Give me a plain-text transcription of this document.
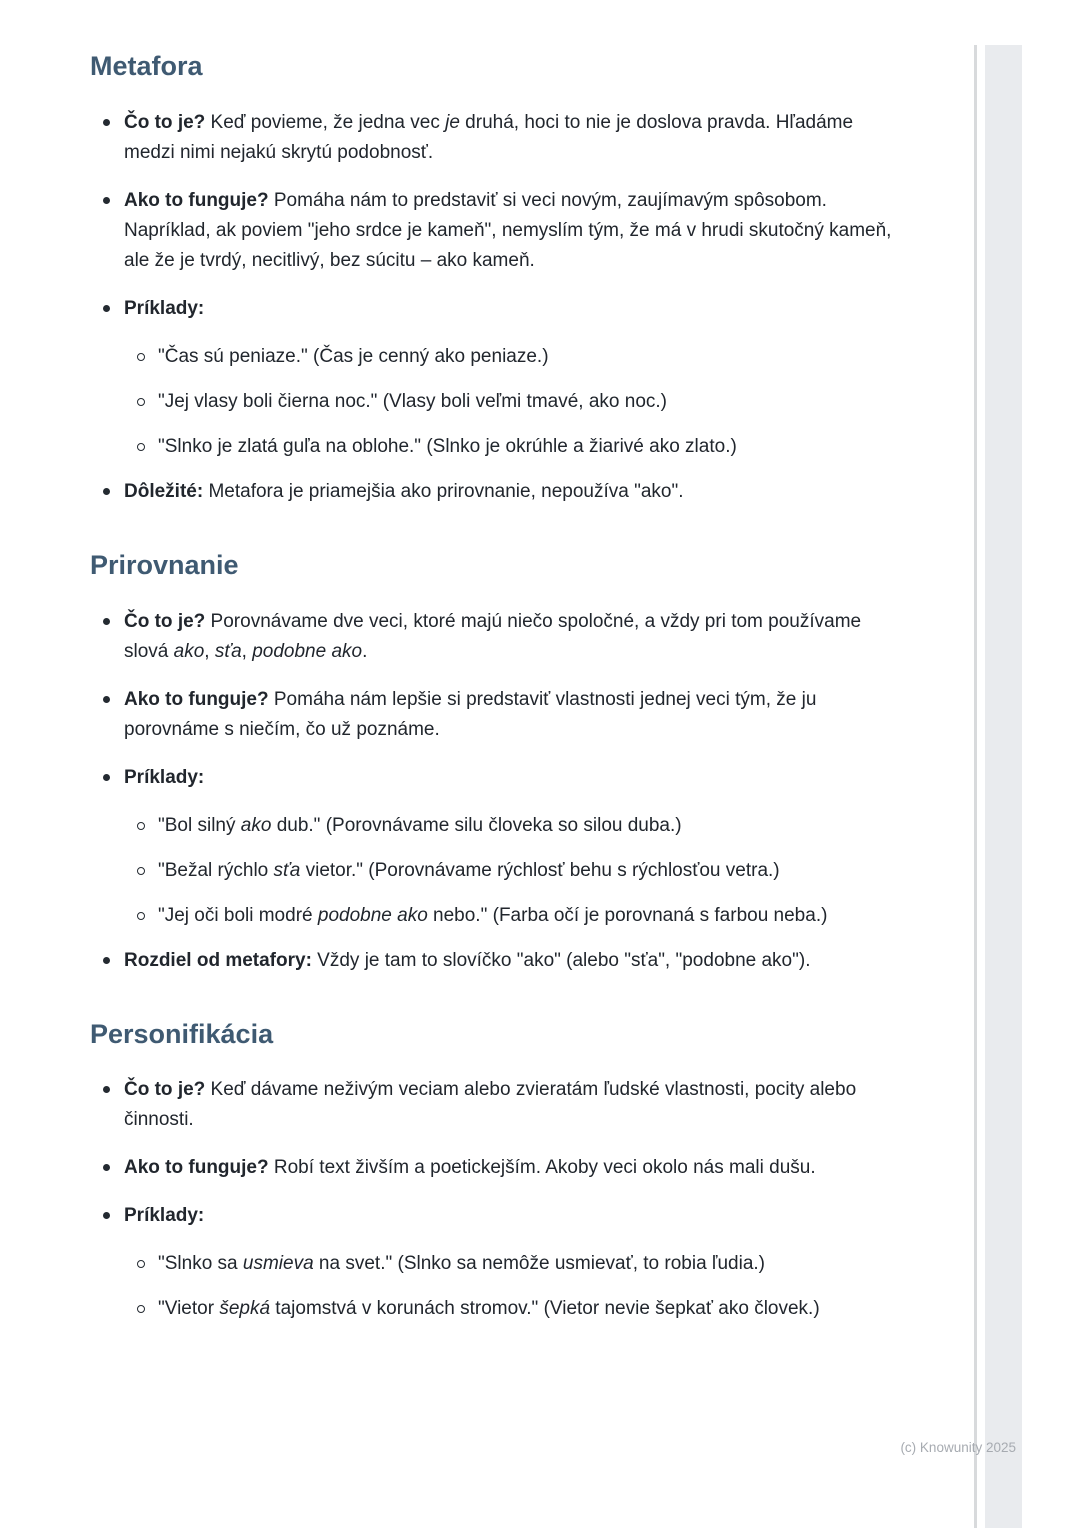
Metafora
Čo to je? Keď povieme, že jedna vec je druhá, hoci to nie je doslova pravda. Hľadáme medzi nimi nejakú skrytú podobnosť.
Ako to funguje? Pomáha nám to predstaviť si veci novým, zaujímavým spôsobom. Napríklad, ak poviem "jeho srdce je kameň", nemyslím tým, že má v hrudi skutočný kameň, ale že je tvrdý, necitlivý, bez súcitu – ako kameň.
Príklady:
"Čas sú peniaze." (Čas je cenný ako peniaze.)
"Jej vlasy boli čierna noc." (Vlasy boli veľmi tmavé, ako noc.)
"Slnko je zlatá guľa na oblohe." (Slnko je okrúhle a žiarivé ako zlato.)
Dôležité: Metafora je priamejšia ako prirovnanie, nepoužíva "ako".
Prirovnanie
Čo to je? Porovnávame dve veci, ktoré majú niečo spoločné, a vždy pri tom používame slová ako, sťa, podobne ako.
Ako to funguje? Pomáha nám lepšie si predstaviť vlastnosti jednej veci tým, že ju porovnáme s niečím, čo už poznáme.
Príklady:
"Bol silný ako dub." (Porovnávame silu človeka so silou duba.)
"Bežal rýchlo sťa vietor." (Porovnávame rýchlosť behu s rýchlosťou vetra.)
"Jej oči boli modré podobne ako nebo." (Farba očí je porovnaná s farbou neba.)
Rozdiel od metafory: Vždy je tam to slovíčko "ako" (alebo "sťa", "podobne ako").
Personifikácia
Čo to je? Keď dávame neživým veciam alebo zvieratám ľudské vlastnosti, pocity alebo činnosti.
Ako to funguje? Robí text živším a poetickejším. Akoby veci okolo nás mali dušu.
Príklady:
"Slnko sa usmieva na svet." (Slnko sa nemôže usmievať, to robia ľudia.)
"Vietor šepká tajomstvá v korunách stromov." (Vietor nevie šepkať ako človek.)
(c) Knowunity 2025
